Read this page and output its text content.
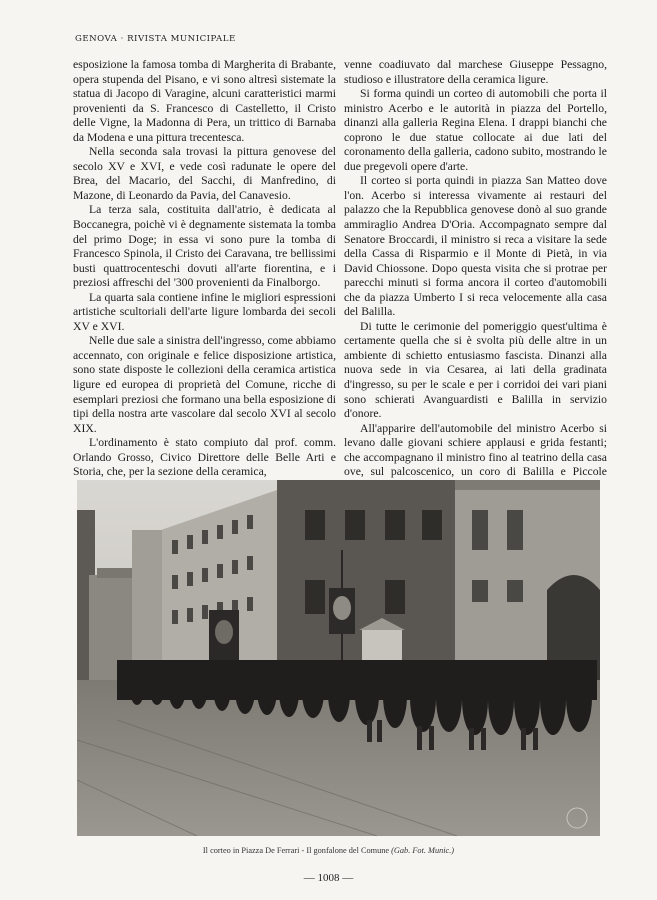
GENOVA · RIVISTA MUNICIPALE

esposizione la famosa tomba di Margherita di Brabante, opera stupenda del Pisano, e vi sono altresì sistemate la statua di Jacopo di Varagine, alcuni caratteristici marmi provenienti da S. Francesco di Castelletto, il Cristo delle Vigne, la Madonna di Pera, un trittico di Barnaba da Modena e una pittura trecentesca.

Nella seconda sala trovasi la pittura genovese del secolo XV e XVI, e vede così radunate le opere del Brea, del Macario, del Sacchi, di Manfredino, di Mazone, di Leonardo da Pavia, del Canavesio.

La terza sala, costituita dall'atrio, è dedicata al Boccanegra, poichè vi è degnamente sistemata la tomba del primo Doge; in essa vi sono pure la tomba di Francesco Spinola, il Cristo dei Caravana, tre bellissimi busti quattrocenteschi dovuti all'arte fiorentina, e i preziosi affreschi del '300 provenienti da Finalborgo.

La quarta sala contiene infine le migliori espressioni artistiche scultoriali dell'arte ligure lombarda dei secoli XV e XVI.

Nelle due sale a sinistra dell'ingresso, come abbiamo accennato, con originale e felice disposizione artistica, sono state disposte le collezioni della ceramica artistica ligure ed europea di proprietà del Comune, ricche di esemplari preziosi che formano una bella esposizione di tipi della nostra arte vascolare dal secolo XVI al secolo XIX.

L'ordinamento è stato compiuto dal prof. comm. Orlando Grosso, Civico Direttore delle Belle Arti e Storia, che, per la sezione della ceramica,

venne coadiuvato dal marchese Giuseppe Pessagno, studioso e illustratore della ceramica ligure.

Si forma quindi un corteo di automobili che porta il ministro Acerbo e le autorità in piazza del Portello, dinanzi alla galleria Regina Elena. I drappi bianchi che coprono le due statue collocate ai due lati del coronamento della galleria, cadono subito, mostrando le due pregevoli opere d'arte.

Il corteo si porta quindi in piazza San Matteo dove l'on. Acerbo si interessa vivamente ai restauri del palazzo che la Repubblica genovese donò al suo grande ammiraglio Andrea D'Oria. Accompagnato sempre dal Senatore Broccardi, il ministro si reca a visitare la sede della Cassa di Risparmio e il Monte di Pietà, in via David Chiossone. Dopo questa visita che si protrae per parecchi minuti si forma ancora il corteo d'automobili che da piazza Umberto I si reca velocemente alla casa del Balilla.

Di tutte le cerimonie del pomeriggio quest'ultima è certamente quella che si è svolta più delle altre in un ambiente di schietto entusiasmo fascista. Dinanzi alla nuova sede in via Cesarea, ai lati della gradinata d'ingresso, su per le scale e per i corridoi dei vari piani sono schierati Avanguardisti e Balilla in servizio d'onore.

All'apparire dell'automobile del ministro Acerbo si levano dalle giovani schiere applausi e grida festanti; che accompagnano il ministro fino al teatrino della casa ove, sul palcoscenico, un coro di Balilla e Piccole

Il corteo in Piazza De Ferrari - Il gonfalone del Comune (Gab. Fot. Munic.)
— 1008 —
